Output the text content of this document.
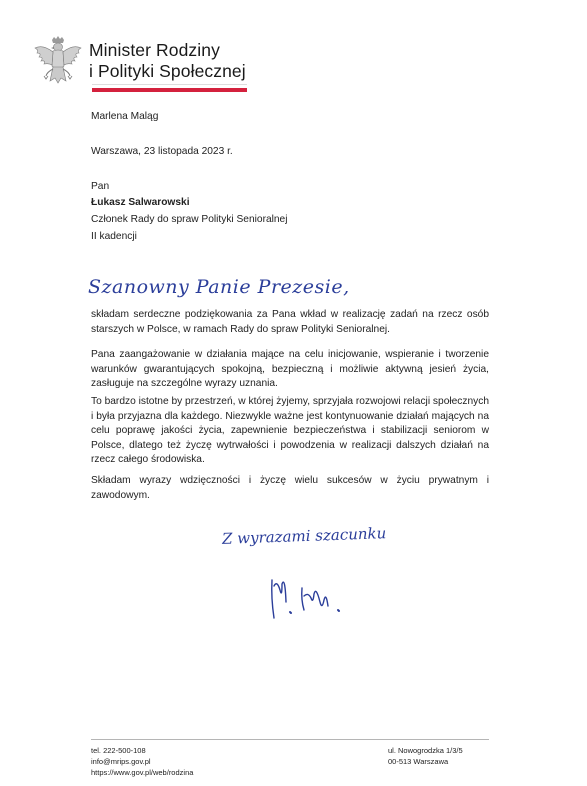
Minister Rodziny
i Polityki Społecznej
Marlena Maląg
Warszawa, 23 listopada 2023 r.
Pan
Łukasz Salwarowski
Członek Rady do spraw Polityki Senioralnej
II kadencji
Szanowny Panie Prezesie,
składam serdeczne podziękowania za Pana wkład w realizację zadań na rzecz osób starszych w Polsce, w ramach Rady do spraw Polityki Senioralnej.
Pana zaangażowanie w działania mające na celu inicjowanie, wspieranie i tworzenie warunków gwarantujących spokojną, bezpieczną i możliwie aktywną jesień życia, zasługuje na szczególne wyrazy uznania.
To bardzo istotne by przestrzeń, w której żyjemy, sprzyjała rozwojowi relacji społecznych i była przyjazna dla każdego. Niezwykle ważne jest kontynuowanie działań mających na celu poprawę jakości życia, zapewnienie bezpieczeństwa i stabilizacji seniorom w Polsce, dlatego też życzę wytrwałości i powodzenia w realizacji dalszych działań na rzecz całego środowiska.
Składam wyrazy wdzięczności i życzę wielu sukcesów w życiu prywatnym i zawodowym.
Z wyrazami szacunku
tel. 222-500-108
info@mrips.gov.pl
https://www.gov.pl/web/rodzina
ul. Nowogrodzka 1/3/5
00-513 Warszawa
